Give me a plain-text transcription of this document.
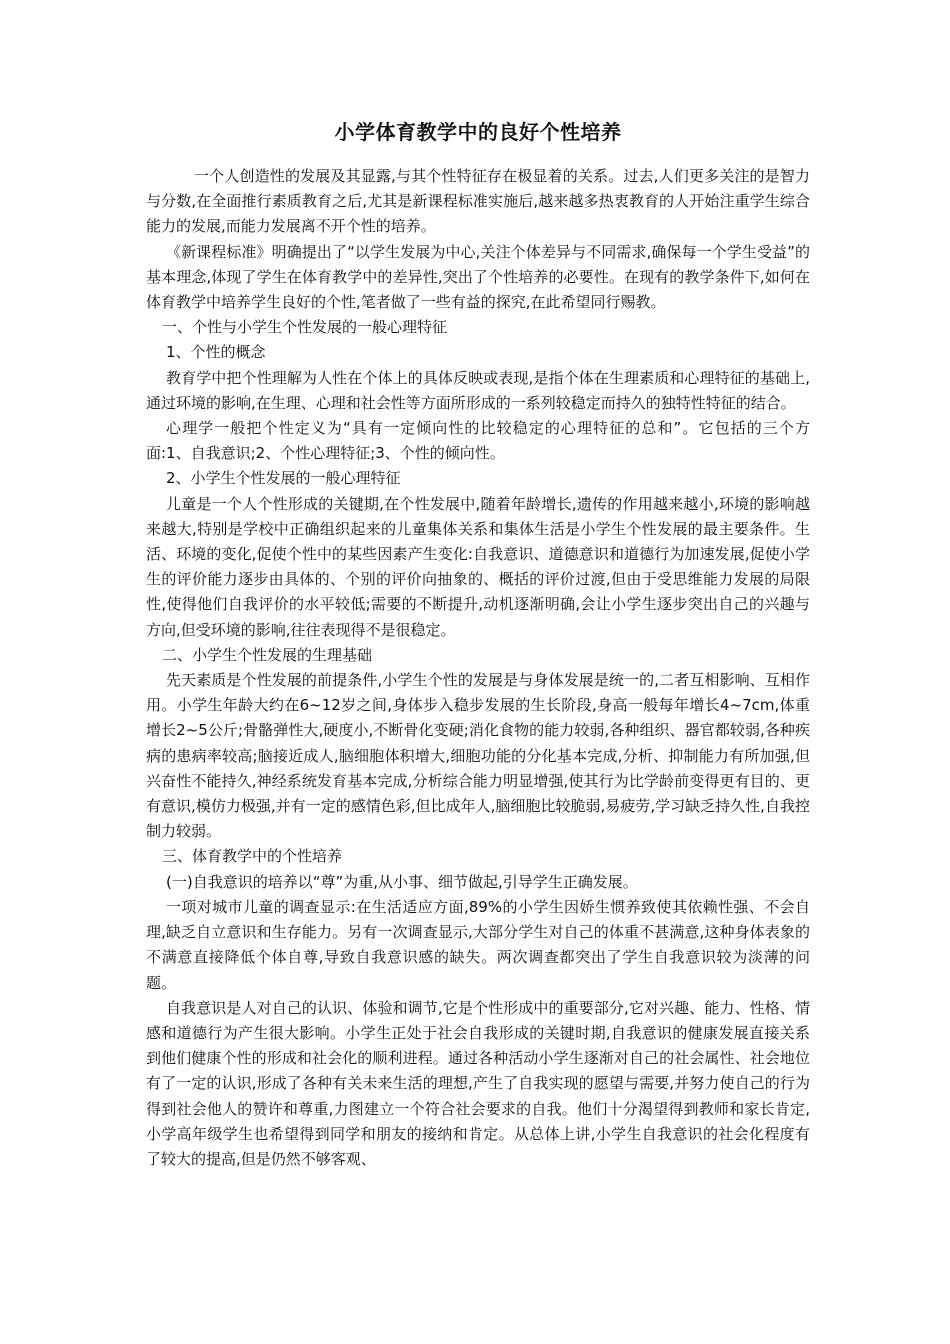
小学体育教学中的良好个性培养

一个人创造性的发展及其显露,与其个性特征存在极显着的关系。过去,人们更多关注的是智力与分数,在全面推行素质教育之后,尤其是新课程标准实施后,越来越多热衷教育的人开始注重学生综合能力的发展,而能力发展离不开个性的培养。

《新课程标准》明确提出了“以学生发展为中心,关注个体差异与不同需求,确保每一个学生受益”的基本理念,体现了学生在体育教学中的差异性,突出了个性培养的必要性。在现有的教学条件下,如何在体育教学中培养学生良好的个性,笔者做了一些有益的探究,在此希望同行赐教。

一、个性与小学生个性发展的一般心理特征

1、个性的概念

教育学中把个性理解为人性在个体上的具体反映或表现,是指个体在生理素质和心理特征的基础上,通过环境的影响,在生理、心理和社会性等方面所形成的一系列较稳定而持久的独特性特征的结合。

心理学一般把个性定义为“具有一定倾向性的比较稳定的心理特征的总和”。它包括的三个方面:1、自我意识;2、个性心理特征;3、个性的倾向性。

2、小学生个性发展的一般心理特征

儿童是一个人个性形成的关键期,在个性发展中,随着年龄增长,遗传的作用越来越小,环境的影响越来越大,特别是学校中正确组织起来的儿童集体关系和集体生活是小学生个性发展的最主要条件。生活、环境的变化,促使个性中的某些因素产生变化:自我意识、道德意识和道德行为加速发展,促使小学生的评价能力逐步由具体的、个别的评价向抽象的、概括的评价过渡,但由于受思维能力发展的局限性,使得他们自我评价的水平较低;需要的不断提升,动机逐渐明确,会让小学生逐步突出自己的兴趣与方向,但受环境的影响,往往表现得不是很稳定。

二、小学生个性发展的生理基础

先天素质是个性发展的前提条件,小学生个性的发展是与身体发展是统一的,二者互相影响、互相作用。小学生年龄大约在6~12岁之间,身体步入稳步发展的生长阶段,身高一般每年增长4~7cm,体重增长2~5公斤;骨骼弹性大,硬度小,不断骨化变硬;消化食物的能力较弱,各种组织、器官都较弱,各种疾病的患病率较高;脑接近成人,脑细胞体积增大,细胞功能的分化基本完成,分析、抑制能力有所加强,但兴奋性不能持久,神经系统发育基本完成,分析综合能力明显增强,使其行为比学龄前变得更有目的、更有意识,模仿力极强,并有一定的感情色彩,但比成年人,脑细胞比较脆弱,易疲劳,学习缺乏持久性,自我控制力较弱。

三、体育教学中的个性培养

(一)自我意识的培养以“尊”为重,从小事、细节做起,引导学生正确发展。

一项对城市儿童的调查显示:在生活适应方面,89%的小学生因娇生惯养致使其依赖性强、不会自理,缺乏自立意识和生存能力。另有一次调查显示,大部分学生对自己的体重不甚满意,这种身体表象的不满意直接降低个体自尊,导致自我意识感的缺失。两次调查都突出了学生自我意识较为淡薄的问题。

自我意识是人对自己的认识、体验和调节,它是个性形成中的重要部分,它对兴趣、能力、性格、情感和道德行为产生很大影响。小学生正处于社会自我形成的关键时期,自我意识的健康发展直接关系到他们健康个性的形成和社会化的顺利进程。通过各种活动小学生逐渐对自己的社会属性、社会地位有了一定的认识,形成了各种有关未来生活的理想,产生了自我实现的愿望与需要,并努力使自己的行为得到社会他人的赞许和尊重,力图建立一个符合社会要求的自我。他们十分渴望得到教师和家长肯定,小学高年级学生也希望得到同学和朋友的接纳和肯定。从总体上讲,小学生自我意识的社会化程度有了较大的提高,但是仍然不够客观、
